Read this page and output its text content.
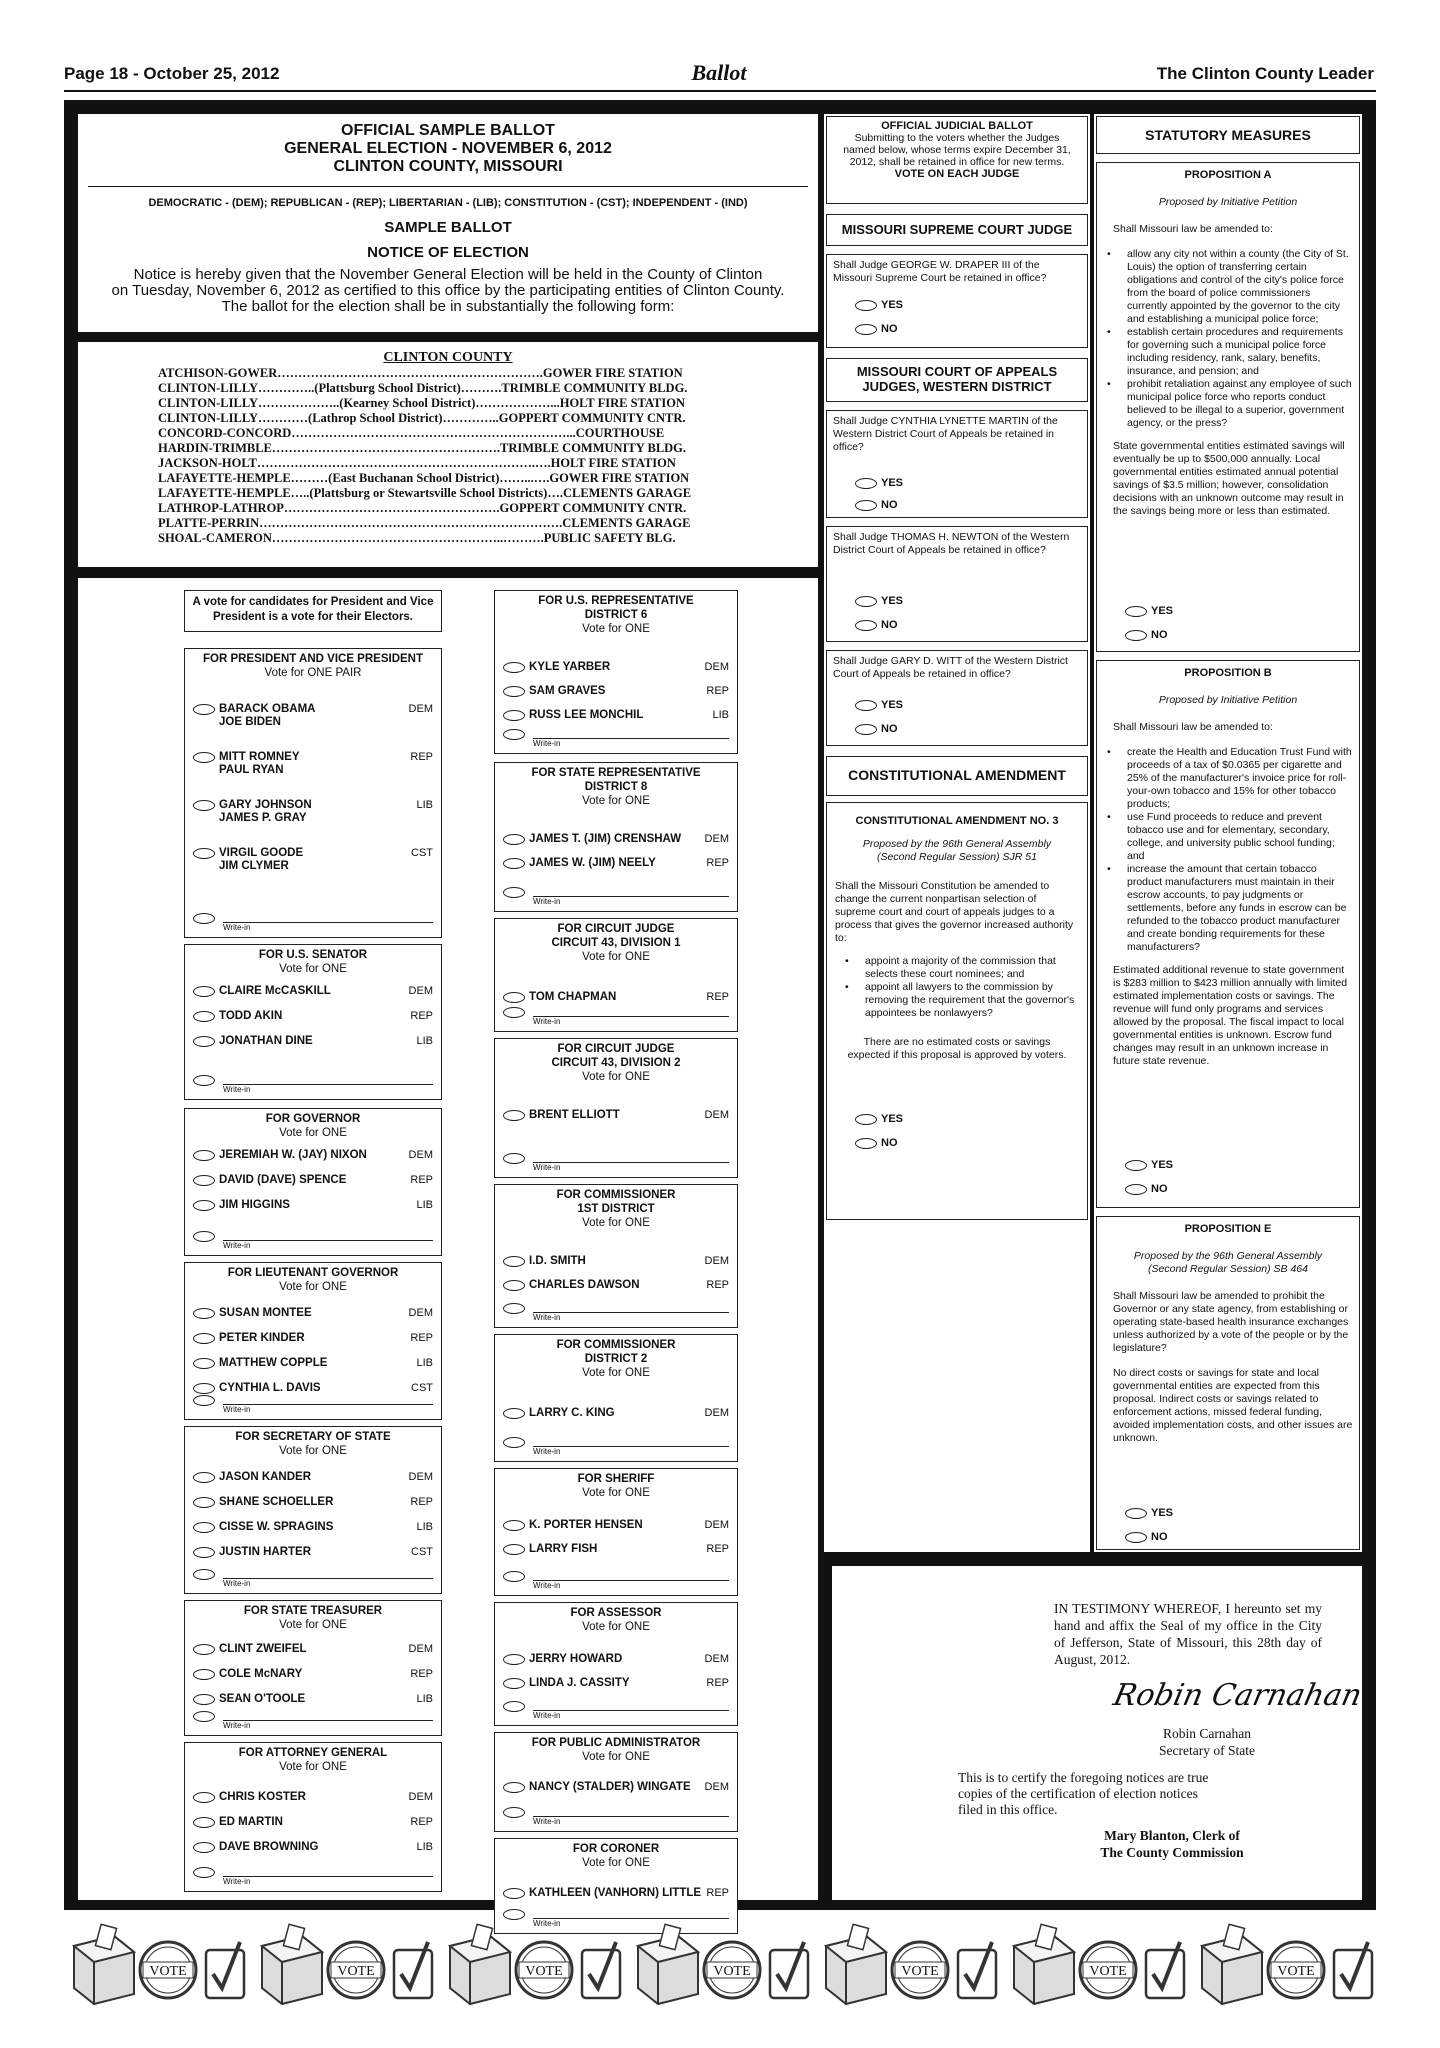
Page 18 - October 25, 2012	Ballot	The Clinton County Leader
OFFICIAL SAMPLE BALLOT
GENERAL ELECTION - NOVEMBER 6, 2012
CLINTON COUNTY, MISSOURI
DEMOCRATIC - (DEM); REPUBLICAN - (REP); LIBERTARIAN - (LIB); CONSTITUTION - (CST); INDEPENDENT - (IND)
SAMPLE BALLOT
NOTICE OF ELECTION
Notice is hereby given that the November General Election will be held in the County of Clinton
on Tuesday, November 6, 2012 as certified to this office by the participating entities of Clinton County.
The ballot for the election shall be in substantially the following form:
CLINTON COUNTY
ATCHISON-GOWER……………………………………………………….GOWER FIRE STATION
CLINTON-LILLY…………..(Plattsburg School District)……….TRIMBLE COMMUNITY BLDG.
CLINTON-LILLY………………..(Kearney School District)………………...HOLT FIRE STATION
CLINTON-LILLY…………(Lathrop School District)…………..GOPPERT COMMUNITY CNTR.
CONCORD-CONCORD…………………………………………………………...COURTHOUSE
HARDIN-TRIMBLE……………………………………………….TRIMBLE COMMUNITY BLDG.
JACKSON-HOLT………………………………………………………….….HOLT FIRE STATION
LAFAYETTE-HEMPLE………(East Buchanan School District)……...….GOWER FIRE STATION
LAFAYETTE-HEMPLE…..(Plattsburg or Stewartsville School Districts)….CLEMENTS GARAGE
LATHROP-LATHROP…………………………………………….GOPPERT COMMUNITY CNTR.
PLATTE-PERRIN……………………………………………………………….CLEMENTS GARAGE
SHOAL-CAMERON………………………………………………..……….PUBLIC SAFETY BLG.
A vote for candidates for President and Vice President is a vote for their Electors.
FOR PRESIDENT AND VICE PRESIDENT
Vote for ONE PAIR
BARACK OBAMA	DEM
JOE BIDEN
MITT ROMNEY	REP
PAUL RYAN
GARY JOHNSON	LIB
JAMES P. GRAY
VIRGIL GOODE	CST
JIM CLYMER
Write-in
FOR U.S. SENATOR
Vote for ONE
CLAIRE McCASKILL	DEM
TODD AKIN	REP
JONATHAN DINE	LIB
Write-in
FOR GOVERNOR
Vote for ONE
JEREMIAH W. (JAY) NIXON	DEM
DAVID (DAVE) SPENCE	REP
JIM HIGGINS	LIB
Write-in
FOR LIEUTENANT GOVERNOR
Vote for ONE
SUSAN MONTEE	DEM
PETER KINDER	REP
MATTHEW COPPLE	LIB
CYNTHIA L. DAVIS	CST
Write-in
FOR SECRETARY OF STATE
Vote for ONE
JASON KANDER	DEM
SHANE SCHOELLER	REP
CISSE W. SPRAGINS	LIB
JUSTIN HARTER	CST
Write-in
FOR STATE TREASURER
Vote for ONE
CLINT ZWEIFEL	DEM
COLE McNARY	REP
SEAN O'TOOLE	LIB
Write-in
FOR ATTORNEY GENERAL
Vote for ONE
CHRIS KOSTER	DEM
ED MARTIN	REP
DAVE BROWNING	LIB
Write-in
FOR U.S. REPRESENTATIVE
DISTRICT 6
Vote for ONE
KYLE YARBER	DEM
SAM GRAVES	REP
RUSS LEE MONCHIL	LIB
Write-in
FOR STATE REPRESENTATIVE
DISTRICT 8
Vote for ONE
JAMES T. (JIM) CRENSHAW DEM
JAMES W. (JIM) NEELY	REP
Write-in
FOR CIRCUIT JUDGE
CIRCUIT 43, DIVISION 1
Vote for ONE
TOM CHAPMAN	REP
Write-in
FOR CIRCUIT JUDGE
CIRCUIT 43, DIVISION 2
Vote for ONE
BRENT ELLIOTT	DEM
Write-in
FOR COMMISSIONER
1ST DISTRICT
Vote for ONE
I.D. SMITH	DEM
CHARLES DAWSON	REP
Write-in
FOR COMMISSIONER
DISTRICT 2
Vote for ONE
LARRY C. KING	DEM
Write-in
FOR SHERIFF
Vote for ONE
K. PORTER HENSEN	DEM
LARRY FISH	REP
Write-in
FOR ASSESSOR
Vote for ONE
JERRY HOWARD	DEM
LINDA J. CASSITY	REP
Write-in
FOR PUBLIC ADMINISTRATOR
Vote for ONE
NANCY (STALDER) WINGATE DEM
Write-in
FOR CORONER
Vote for ONE
KATHLEEN (VANHORN) LITTLE REP
Write-in
OFFICIAL JUDICIAL BALLOT
Submitting to the voters whether the Judges named below, whose terms expire December 31, 2012, shall be retained in office for new terms.
VOTE ON EACH JUDGE
MISSOURI SUPREME COURT JUDGE
Shall Judge GEORGE W. DRAPER III of the Missouri Supreme Court be retained in office?
YES
NO
MISSOURI COURT OF APPEALS JUDGES, WESTERN DISTRICT
Shall Judge CYNTHIA LYNETTE MARTIN of the Western District Court of Appeals be retained in office?
YES
NO
Shall Judge THOMAS H. NEWTON of the Western District Court of Appeals be retained in office?
YES
NO
Shall Judge GARY D. WITT of the Western District Court of Appeals be retained in office?
YES
NO
CONSTITUTIONAL AMENDMENT
CONSTITUTIONAL AMENDMENT NO. 3
Proposed by the 96th General Assembly (Second Regular Session) SJR 51
Shall the Missouri Constitution be amended to change the current nonpartisan selection of supreme court and court of appeals judges to a process that gives the governor increased authority to:
• appoint a majority of the commission that selects these court nominees; and
• appoint all lawyers to the commission by removing the requirement that the governor's appointees be nonlawyers?
There are no estimated costs or savings expected if this proposal is approved by voters.
YES
NO
STATUTORY MEASURES
PROPOSITION A
Proposed by Initiative Petition
Shall Missouri law be amended to:
• allow any city not within a county (the City of St. Louis) the option of transferring certain obligations and control of the city's police force from the board of police commissioners currently appointed by the governor to the city and establishing a municipal police force;
• establish certain procedures and requirements for governing such a municipal police force including residency, rank, salary, benefits, insurance, and pension; and
• prohibit retaliation against any employee of such municipal police force who reports conduct believed to be illegal to a superior, government agency, or the press?
State governmental entities estimated savings will eventually be up to $500,000 annually. Local governmental entities estimated annual potential savings of $3.5 million; however, consolidation decisions with an unknown outcome may result in the savings being more or less than estimated.
YES
NO
PROPOSITION B
Proposed by Initiative Petition
Shall Missouri law be amended to:
• create the Health and Education Trust Fund with proceeds of a tax of $0.0365 per cigarette and 25% of the manufacturer's invoice price for roll-your-own tobacco and 15% for other tobacco products;
• use Fund proceeds to reduce and prevent tobacco use and for elementary, secondary, college, and university public school funding;
and
• increase the amount that certain tobacco product manufacturers must maintain in their escrow accounts, to pay judgments or settlements, before any funds in escrow can be refunded to the tobacco product manufacturer and create bonding requirements for these manufacturers?
Estimated additional revenue to state government is $283 million to $423 million annually with limited estimated implementation costs or savings. The revenue will fund only programs and services allowed by the proposal. The fiscal impact to local governmental entities is unknown. Escrow fund changes may result in an unknown increase in future state revenue.
YES
NO
PROPOSITION E
Proposed by the 96th General Assembly (Second Regular Session) SB 464
Shall Missouri law be amended to prohibit the Governor or any state agency, from establishing or operating state-based health insurance exchanges unless authorized by a vote of the people or by the legislature?
No direct costs or savings for state and local governmental entities are expected from this proposal. Indirect costs or savings related to enforcement actions, missed federal funding, avoided implementation costs, and other issues are unknown.
YES
NO
IN TESTIMONY WHEREOF, I hereunto set my hand and affix the Seal of my office in the City of Jefferson, State of Missouri, this 28th day of August, 2012.
Robin Carnahan
Robin Carnahan
Secretary of State
This is to certify the foregoing notices are true copies of the certification of election notices filed in this office.
Mary Blanton, Clerk of
The County Commission
VOTE	VOTE	VOTE	VOTE	VOTE	VOTE	VOTE
